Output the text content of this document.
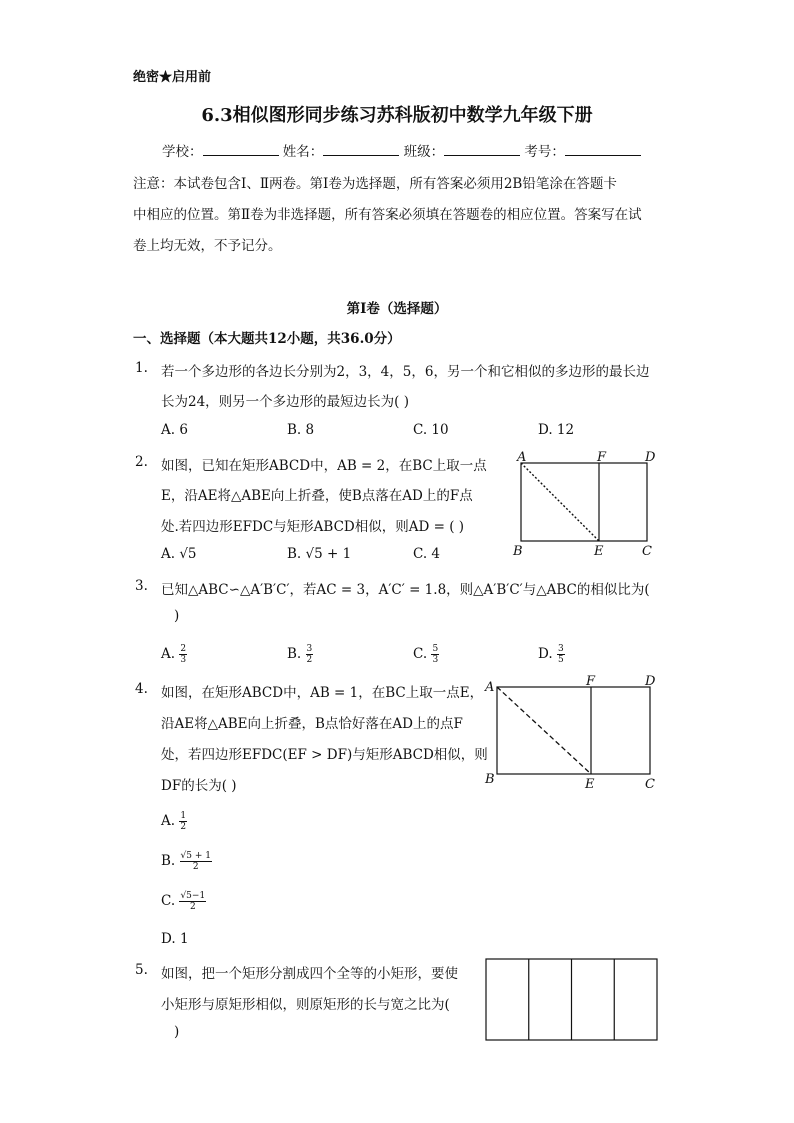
绝密★启用前
6.3相似图形同步练习苏科版初中数学九年级下册
学校：	姓名：	班级：	考号：
注意：本试卷包含Ⅰ、Ⅱ两卷。第Ⅰ卷为选择题，所有答案必须用2B铅笔涂在答题卡
中相应的位置。第Ⅱ卷为非选择题，所有答案必须填在答题卷的相应位置。答案写在试
卷上均无效，不予记分。
第Ⅰ卷（选择题）
一、选择题（本大题共12小题，共36.0分）
1. 若一个多边形的各边长分别为2，3，4，5，6，另一个和它相似的多边形的最长边
长为24，则另一个多边形的最短边长为( )
A. 6	B. 8	C. 10	D. 12
2. 如图，已知在矩形ABCD中，AB = 2，在BC上取一点
E，沿AE将△ABE向上折叠，使B点落在AD上的F点
处.若四边形EFDC与矩形ABCD相似，则AD = ( )
A. √5	B. √5 + 1	C. 4
A	F	D
B	E	C
3. 已知△ABC∽△A′B′C′，若AC = 3，A′C′ = 1.8，则△A′B′C′与△ABC的相似比为(
)
A. $\frac{2}{3}$	B. $\frac{3}{2}$	C. $\frac{5}{3}$	D. $\frac{3}{5}$
4. 如图，在矩形ABCD中，AB = 1，在BC上取一点E，
沿AE将△ABE向上折叠，B点恰好落在AD上的点F
处，若四边形EFDC(EF > DF)与矩形ABCD相似，则
DF的长为( )
A. $\frac{1}{2}$
B. $\frac{√5 + 1}{2}$
C. $\frac{√5-1}{2}$
D. 1
A	F	D
B	E	C
5. 如图，把一个矩形分割成四个全等的小矩形，要使
小矩形与原矩形相似，则原矩形的长与宽之比为(
)
